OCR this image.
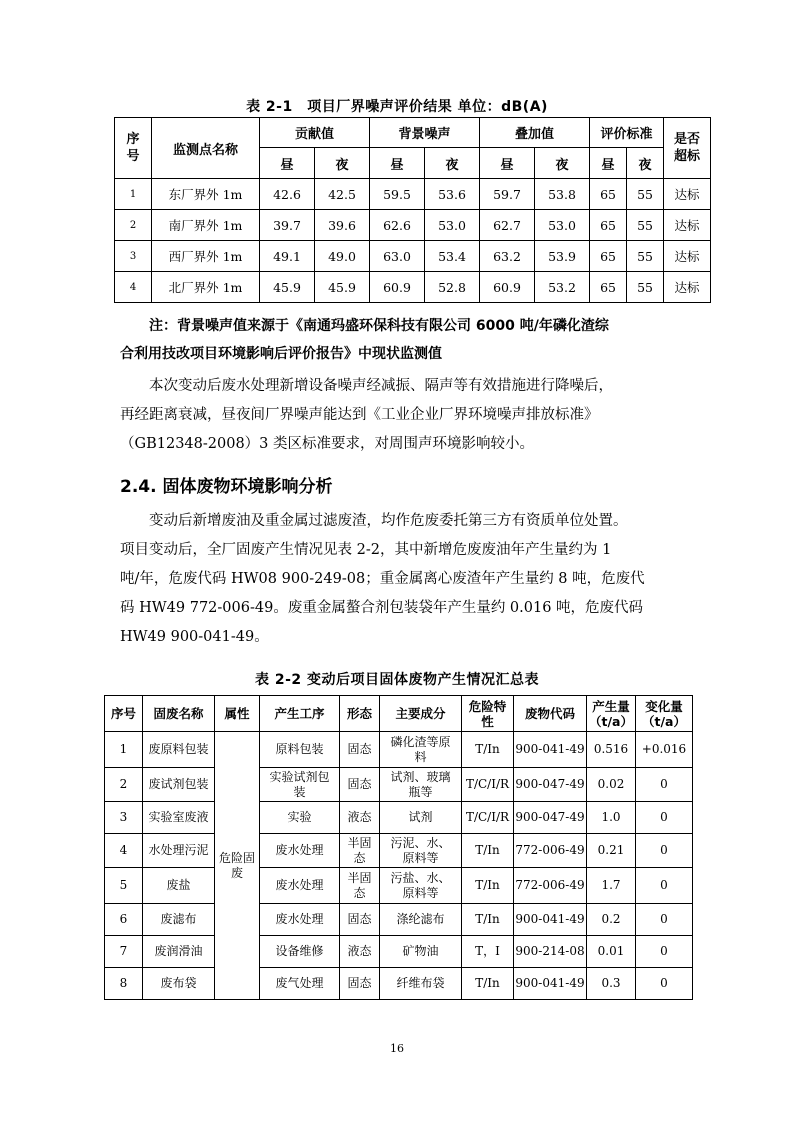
表 2-1　项目厂界噪声评价结果 单位：dB(A)
序号	监测点名称	贡献值		背景噪声		叠加值		评价标准		是否超标
		昼	夜	昼	夜	昼	夜	昼	夜	
1	东厂界外 1m	42.6	42.5	59.5	53.6	59.7	53.8	65	55	达标
2	南厂界外 1m	39.7	39.6	62.6	53.0	62.7	53.0	65	55	达标
3	西厂界外 1m	49.1	49.0	63.0	53.4	63.2	53.9	65	55	达标
4	北厂界外 1m	45.9	45.9	60.9	52.8	60.9	53.2	65	55	达标
注：背景噪声值来源于《南通玛盛环保科技有限公司 6000 吨/年磷化渣综
合利用技改项目环境影响后评价报告》中现状监测值
本次变动后废水处理新增设备噪声经减振、隔声等有效措施进行降噪后，
再经距离衰减，昼夜间厂界噪声能达到《工业企业厂界环境噪声排放标准》
（GB12348-2008）3 类区标准要求，对周围声环境影响较小。
2.4. 固体废物环境影响分析
变动后新增废油及重金属过滤废渣，均作危废委托第三方有资质单位处置。
项目变动后，全厂固废产生情况见表 2-2，其中新增危废废油年产生量约为 1
吨/年，危废代码 HW08 900-249-08；重金属离心废渣年产生量约 8 吨，危废代
码 HW49 772-006-49。废重金属螯合剂包装袋年产生量约 0.016 吨，危废代码
HW49 900-041-49。
表 2-2 变动后项目固体废物产生情况汇总表
序号	固废名称	属性	产生工序	形态	主要成分	危险特性	废物代码	产生量（t/a）	变化量（t/a）
1	废原料包装	危险固废	原料包装	固态	磷化渣等原料	T/In	900-041-49	0.516	+0.016
2	废试剂包装		实验试剂包装	固态	试剂、玻璃瓶等	T/C/I/R	900-047-49	0.02	0
3	实验室废液		实验	液态	试剂	T/C/I/R	900-047-49	1.0	0
4	水处理污泥		废水处理	半固态	污泥、水、原料等	T/In	772-006-49	0.21	0
5	废盐		废水处理	半固态	污盐、水、原料等	T/In	772-006-49	1.7	0
6	废滤布		废水处理	固态	涤纶滤布	T/In	900-041-49	0.2	0
7	废润滑油		设备维修	液态	矿物油	T，I	900-214-08	0.01	0
8	废布袋		废气处理	固态	纤维布袋	T/In	900-041-49	0.3	0
16
